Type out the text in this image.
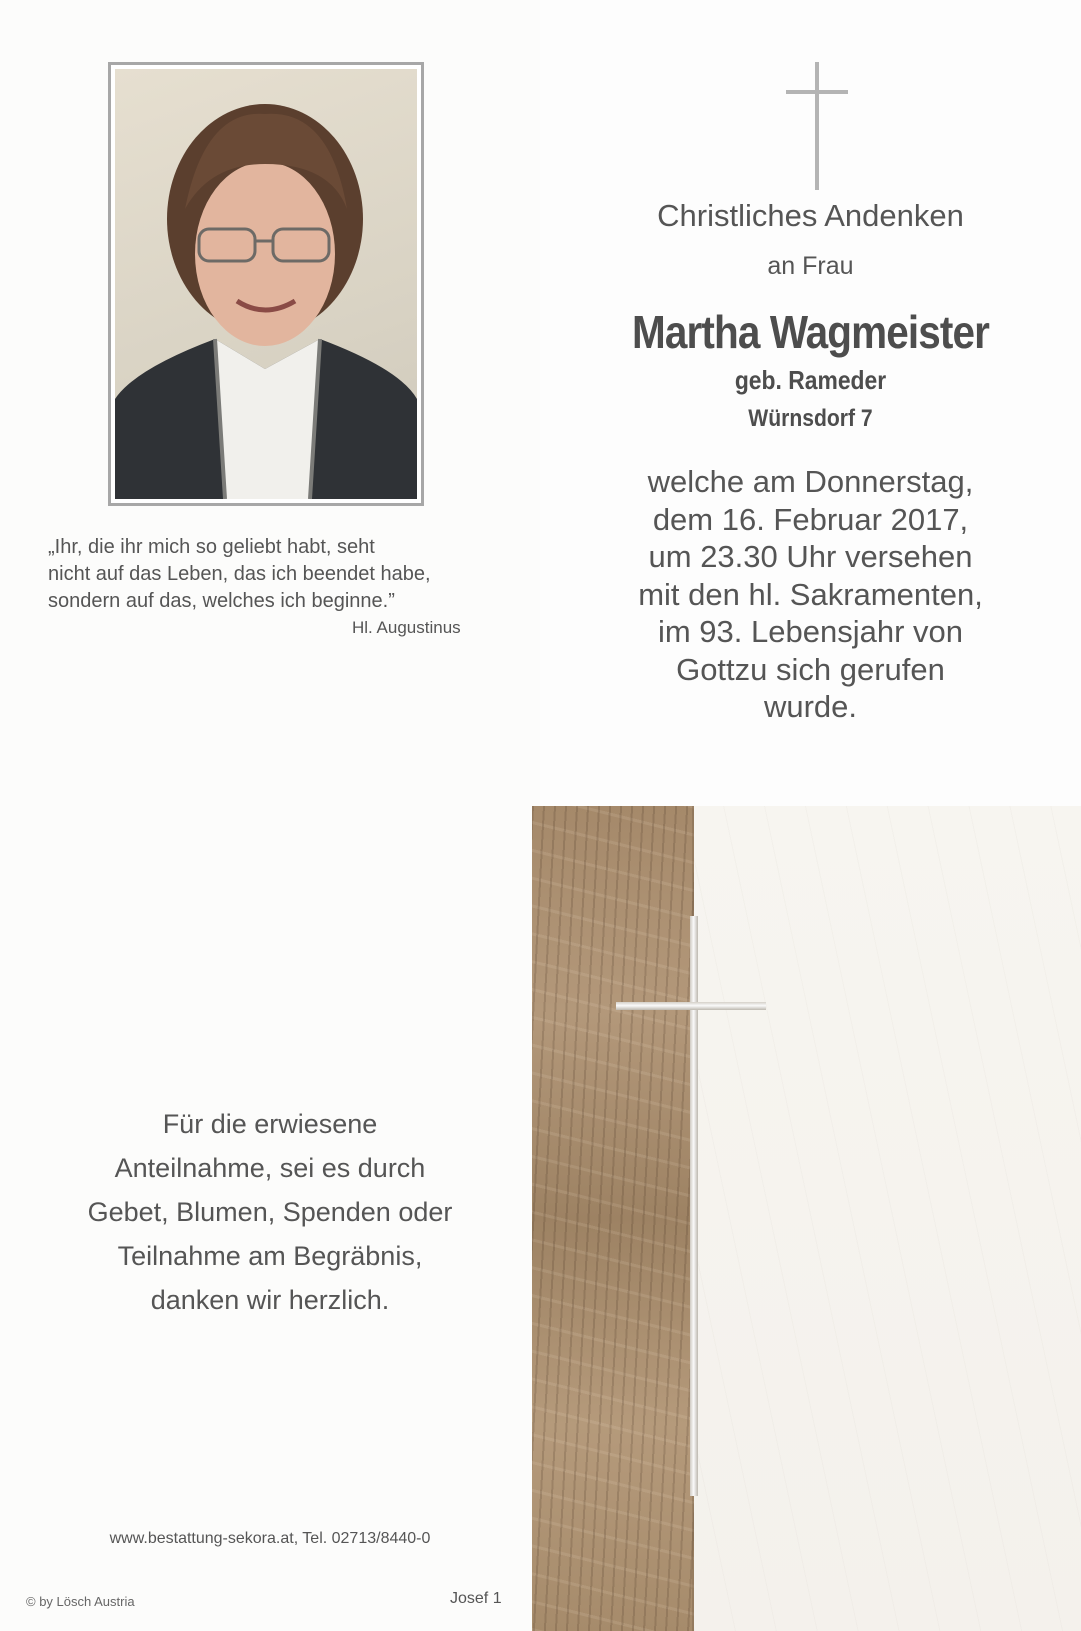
„Ihr, die ihr mich so geliebt habt, seht
nicht auf das Leben, das ich beendet habe,
sondern auf das, welches ich beginne.”
Hl. Augustinus
Christliches Andenken
an Frau
Martha Wagmeister
geb. Rameder
Würnsdorf 7
welche am Donnerstag,
dem 16. Februar 2017,
um 23.30 Uhr versehen
mit den hl. Sakramenten,
im 93. Lebensjahr von
Gottzu sich gerufen
wurde.
Für die erwiesene
Anteilnahme, sei es durch
Gebet, Blumen, Spenden oder
Teilnahme am Begräbnis,
danken wir herzlich.
www.bestattung-sekora.at, Tel. 02713/8440-0
© by Lösch Austria	Josef 1
